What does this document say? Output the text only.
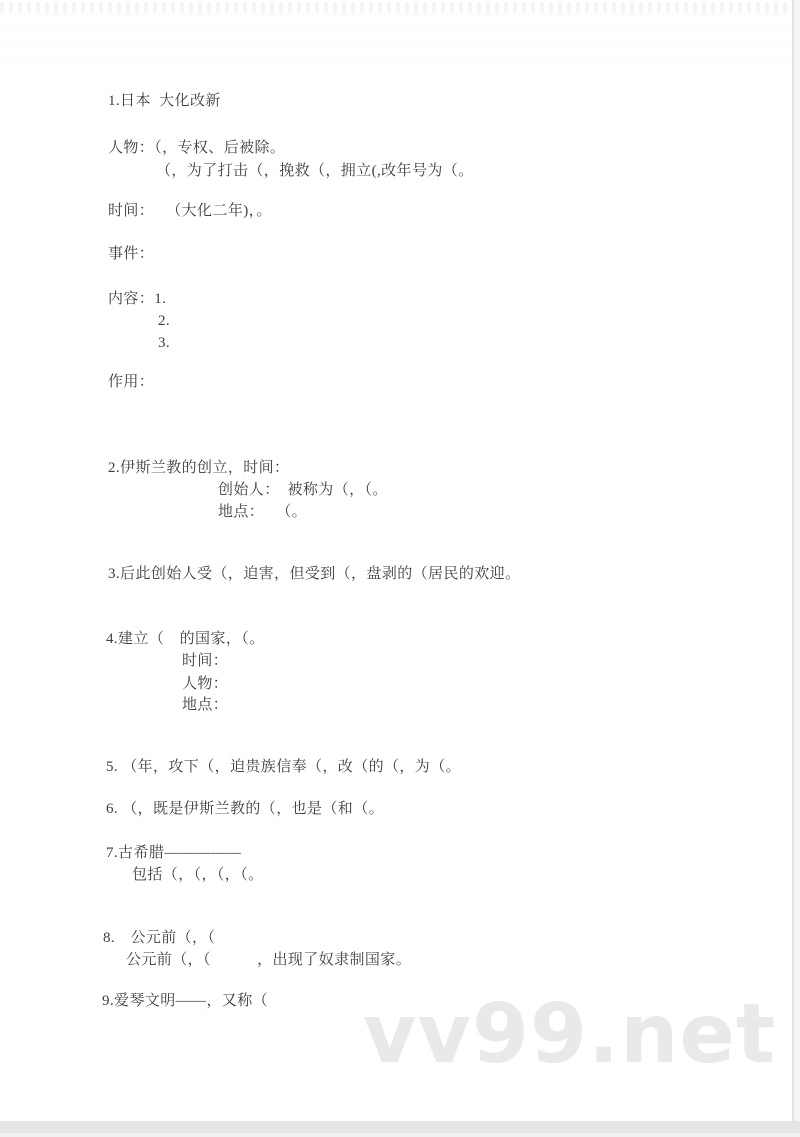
1.日本  大化改新
人物：（，专权、后被除。
（，为了打击（，挽救（，拥立(,改年号为（。
时间：　 （大化二年)，。
事件：
内容：1.
2.
3.
作用：
2.伊斯兰教的创立，时间：
创始人：　被称为（，（。
地点：　 （。
3.后此创始人受（，迫害，但受到（，盘剥的（居民的欢迎。
4.建立（　的国家，（。
时间：
人物：
地点：
5. （年，攻下（，迫贵族信奉（，改（的（，为（。
6. （，既是伊斯兰教的（，也是（和（。
7.古希腊—————
包括（，（，（，（。
8.　公元前（，（
公元前（，（　　　，出现了奴隶制国家。
9.爱琴文明——，又称（ vv99.net
